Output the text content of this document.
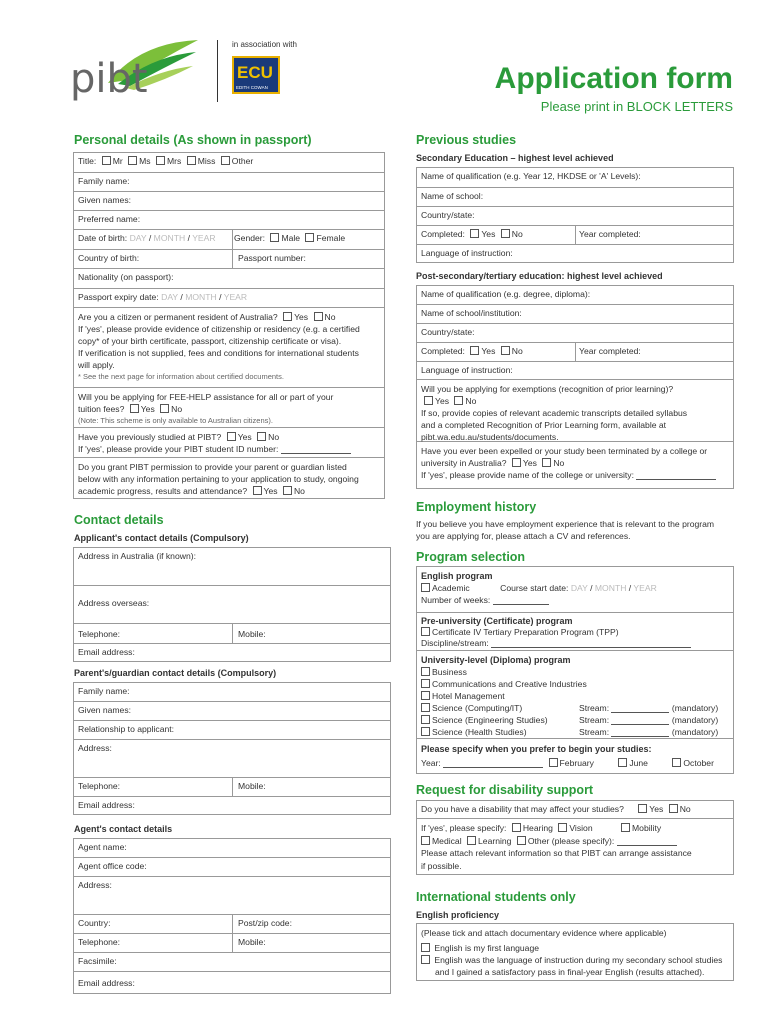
pibt
in association with
ECU
EDITH COWAN	Application form
Please print in BLOCK LETTERS
Personal details (As shown in passport)
Title: Mr Ms Mrs Miss Other
Family name:
Given names:
Preferred name:
Date of birth: DAY / MONTH / YEAR Gender: Male Female
Country of birth:	Passport number:
Nationality (on passport):
Passport expiry date: DAY / MONTH / YEAR
Are you a citizen or permanent resident of Australia? Yes No
If 'yes', please provide evidence of citizenship or residency (e.g. a certified
copy* of your birth certificate, passport, citizenship certificate or visa).
If verification is not supplied, fees and conditions for international students
will apply.
* See the next page for information about certified documents.
Will you be applying for FEE-HELP assistance for all or part of your
tuition fees? Yes No
(Note: This scheme is only available to Australian citizens).
Have you previously studied at PIBT? Yes No
If 'yes', please provide your PIBT student ID number:
Do you grant PIBT permission to provide your parent or guardian listed
below with any information pertaining to your application to study, ongoing
academic progress, results and attendance? Yes No
Contact details
Applicant's contact details (Compulsory)
Address in Australia (if known):
Address overseas:
Telephone:	Mobile:
Email address:
Parent's/guardian contact details (Compulsory)
Family name:
Given names:
Relationship to applicant:
Address:
Telephone:	Mobile:
Email address:
Agent's contact details
Agent name:
Agent office code:
Address:
Country:	Post/zip code:
Telephone:	Mobile:
Facsimile:
Email address:
Previous studies
Secondary Education – highest level achieved
Name of qualification (e.g. Year 12, HKDSE or 'A' Levels):
Name of school:
Country/state:
Completed: Yes No	Year completed:
Language of instruction:
Post-secondary/tertiary education: highest level achieved
Name of qualification (e.g. degree, diploma):
Name of school/institution:
Country/state:
Completed: Yes No	Year completed:
Language of instruction:
Will you be applying for exemptions (recognition of prior learning)?
Yes No
If so, provide copies of relevant academic transcripts detailed syllabus
and a completed Recognition of Prior Learning form, available at
pibt.wa.edu.au/students/documents.
Have you ever been expelled or your study been terminated by a college or
university in Australia? Yes No
If 'yes', please provide name of the college or university:
Employment history
If you believe you have employment experience that is relevant to the program
you are applying for, please attach a CV and references.
Program selection
English program
Academic	Course start date: DAY / MONTH / YEAR
Number of weeks:
Pre-university (Certificate) program
Certificate IV Tertiary Preparation Program (TPP)
Discipline/stream:
University-level (Diploma) program
Business
Communications and Creative Industries
Hotel Management
Science (Computing/IT)	Stream:	(mandatory)
Science (Engineering Studies)	Stream:	(mandatory)
Science (Health Studies)	Stream:	(mandatory)
Please specify when you prefer to begin your studies:
Year:	February	June	October
Request for disability support
Do you have a disability that may affect your studies?	Yes No
If 'yes', please specify: Hearing Vision	Mobility
Medical Learning Other (please specify):
Please attach relevant information so that PIBT can arrange assistance
if possible.
International students only
English proficiency
(Please tick and attach documentary evidence where applicable)
English is my first language
English was the language of instruction during my secondary school studies
and I gained a satisfactory pass in final-year English (results attached).
